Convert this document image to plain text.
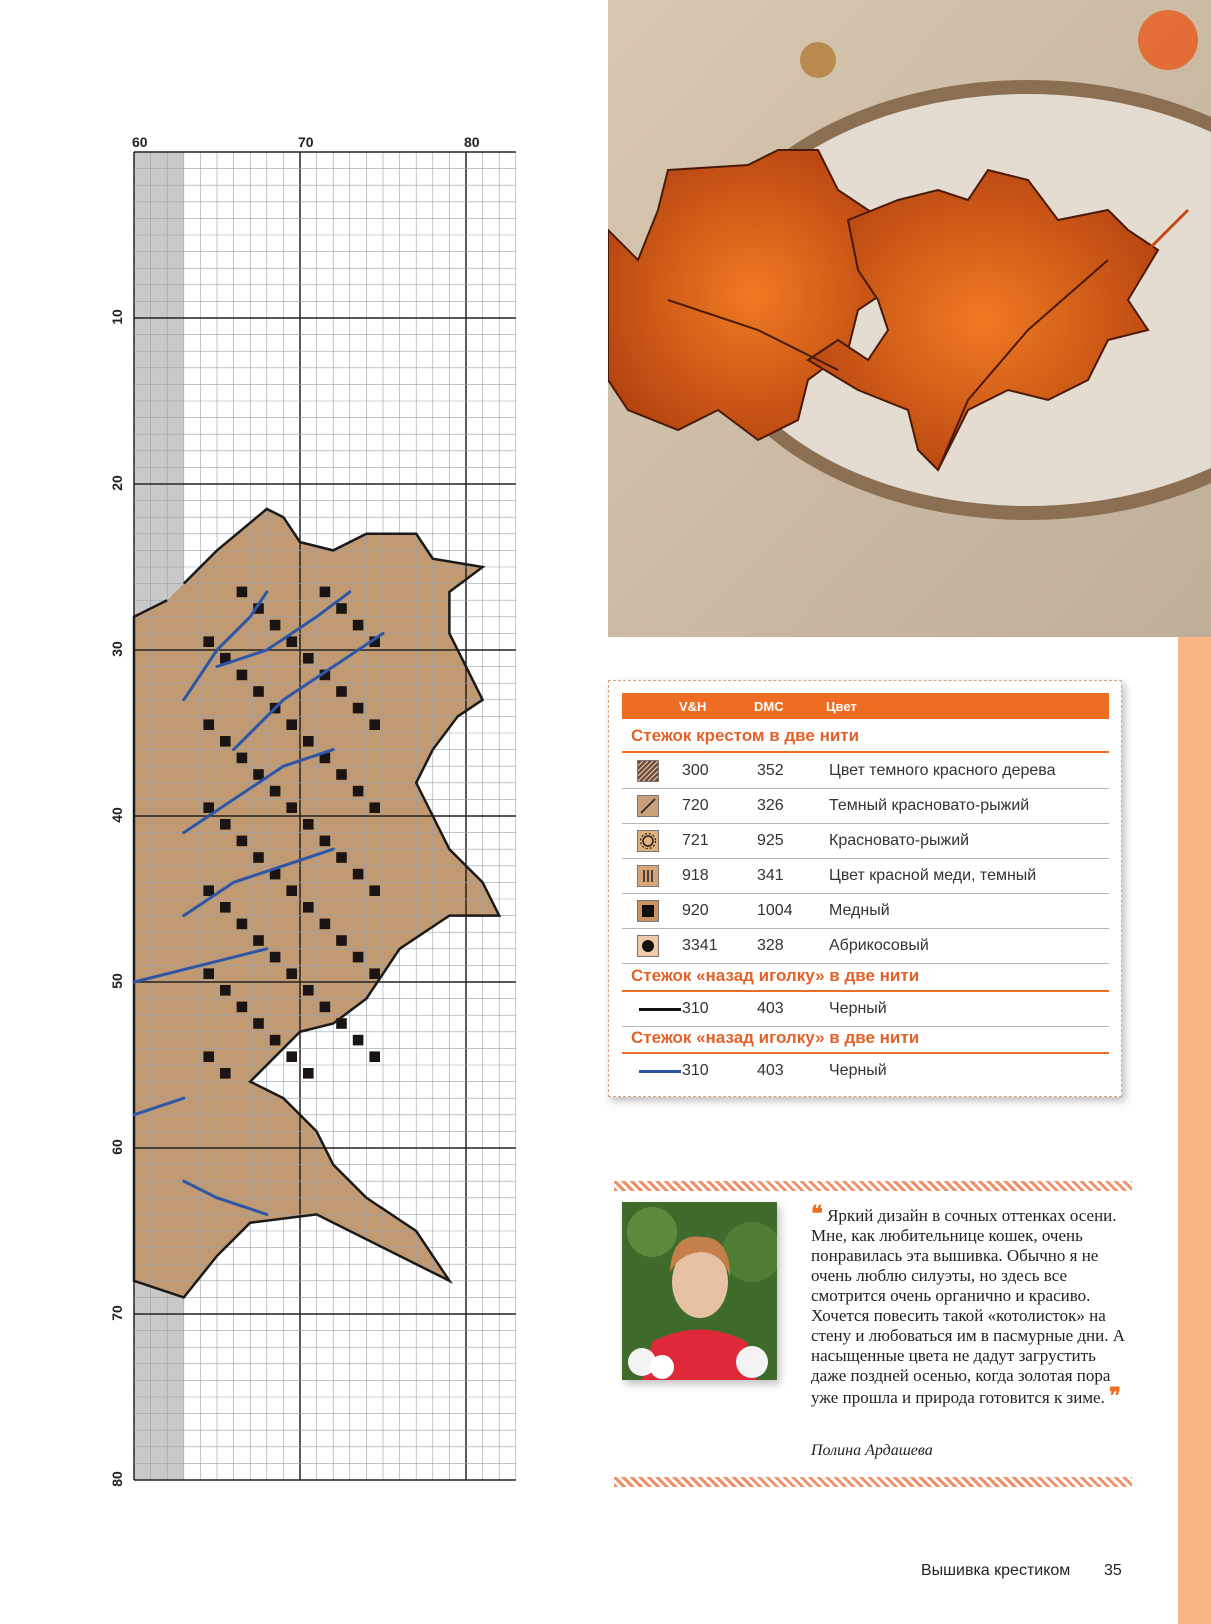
60	70	80
10
20
30
40
50
60
70
80
V&H	DMC	Цвет
Стежок крестом в две нити
300	352	Цвет темного красного дерева
720	326	Темный красновато-рыжий
721	925	Красновато-рыжий
918	341	Цвет красной меди, темный
920	1004 Медный
3341 328	Абрикосовый
Стежок «назад иголку» в две нити
310	403	Черный
Стежок «назад иголку» в две нити
310	403	Черный
❝ Яркий дизайн в сочных оттенках осени. Мне, как любительнице кошек, очень понравилась эта вышивка. Обычно я не очень люблю силуэты, но здесь все смотрится очень органично и красиво. Хочется повесить такой «котолисток» на стену и любоваться им в пасмурные дни. А насыщенные цвета не дадут загрустить даже поздней осенью, когда золотая пора уже прошла и природа готовится к зиме. ❞
Полина Ардашева
Вышивка крестиком 35
